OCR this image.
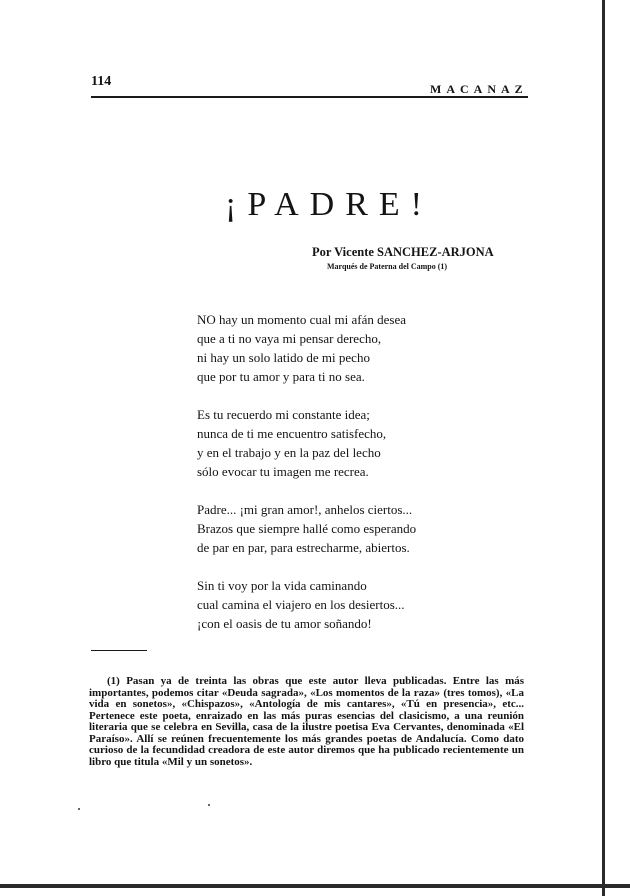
114	MACANAZ
¡PADRE!
Por Vicente SANCHEZ-ARJONA
Marqués de Paterna del Campo (1)
NO hay un momento cual mi afán desea
que a ti no vaya mi pensar derecho,
ni hay un solo latido de mi pecho
que por tu amor y para ti no sea.
Es tu recuerdo mi constante idea;
nunca de ti me encuentro satisfecho,
y en el trabajo y en la paz del lecho
sólo evocar tu imagen me recrea.
Padre... ¡mi gran amor!, anhelos ciertos...
Brazos que siempre hallé como esperando
de par en par, para estrecharme, abiertos.
Sin ti voy por la vida caminando
cual camina el viajero en los desiertos...
¡con el oasis de tu amor soñando!

(1) Pasan ya de treinta las obras que este autor lleva publicadas. Entre las más importantes, podemos citar «Deuda sagrada», «Los momentos de la raza» (tres tomos), «La vida en sonetos», «Chispazos», «Antología de mis cantares», «Tú en presencia», etc... Pertenece este poeta, enraizado en las más puras esencias del clasicismo, a una reunión literaria que se celebra en Sevilla, casa de la ilustre poetisa Eva Cervantes, denominada «El Paraíso». Allí se reúnen frecuentemente los más grandes poetas de Andalucía. Como dato curioso de la fecundidad creadora de este autor diremos que ha publicado recientemente un libro que titula «Mil y un sonetos».
